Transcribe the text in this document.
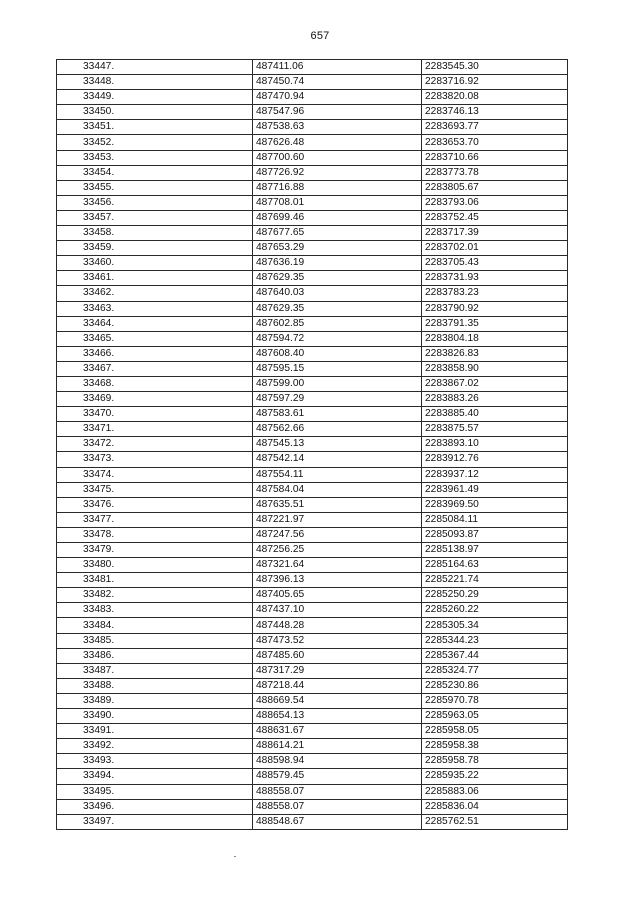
657
33447.	487411.06	2283545.30
33448.	487450.74	2283716.92
33449.	487470.94	2283820.08
33450.	487547.96	2283746.13
33451.	487538.63	2283693.77
33452.	487626.48	2283653.70
33453.	487700.60	2283710.66
33454.	487726.92	2283773.78
33455.	487716.88	2283805.67
33456.	487708.01	2283793.06
33457.	487699.46	2283752.45
33458.	487677.65	2283717.39
33459.	487653.29	2283702.01
33460.	487636.19	2283705.43
33461.	487629.35	2283731.93
33462.	487640.03	2283783.23
33463.	487629.35	2283790.92
33464.	487602.85	2283791.35
33465.	487594.72	2283804.18
33466.	487608.40	2283826.83
33467.	487595.15	2283858.90
33468.	487599.00	2283867.02
33469.	487597.29	2283883.26
33470.	487583.61	2283885.40
33471.	487562.66	2283875.57
33472.	487545.13	2283893.10
33473.	487542.14	2283912.76
33474.	487554.11	2283937.12
33475.	487584.04	2283961.49
33476.	487635.51	2283969.50
33477.	487221.97	2285084.11
33478.	487247.56	2285093.87
33479.	487256.25	2285138.97
33480.	487321.64	2285164.63
33481.	487396.13	2285221.74
33482.	487405.65	2285250.29
33483.	487437.10	2285260.22
33484.	487448.28	2285305.34
33485.	487473.52	2285344.23
33486.	487485.60	2285367.44
33487.	487317.29	2285324.77
33488.	487218.44	2285230.86
33489.	488669.54	2285970.78
33490.	488654.13	2285963.05
33491.	488631.67	2285958.05
33492.	488614.21	2285958.38
33493.	488598.94	2285958.78
33494.	488579.45	2285935.22
33495.	488558.07	2285883.06
33496.	488558.07	2285836.04
33497.	488548.67	2285762.51
